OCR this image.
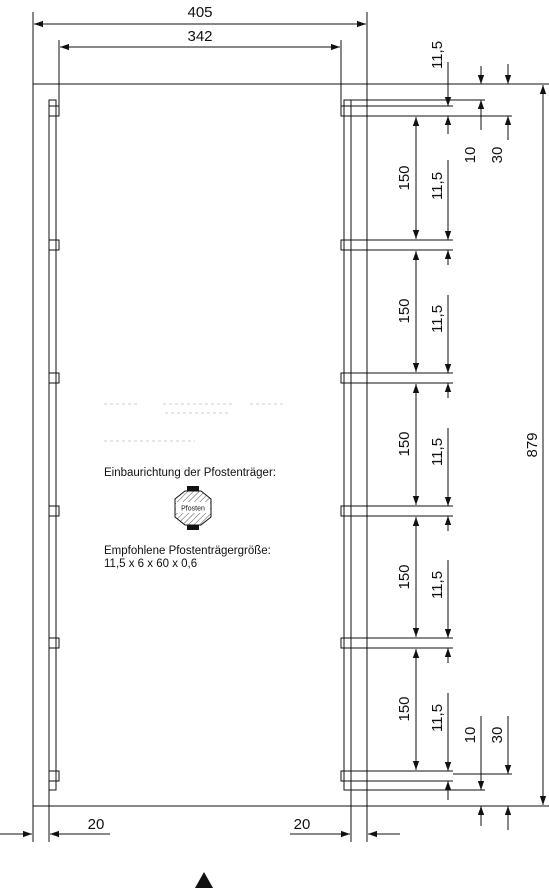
Pfosten
405
342
11,5
10 30
150
150
150
150
150
11,5
11,5
11,5
11,5
11,5
10 30
879
20	20
Einbaurichtung der Pfostenträger:
Empfohlene Pfostenträgergröße:
11,5 x 6 x 60 x 0,6
